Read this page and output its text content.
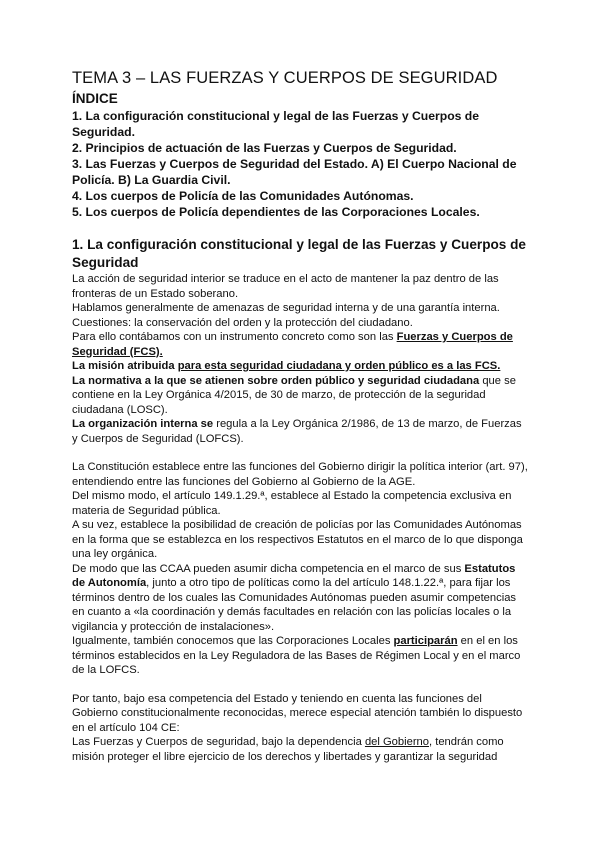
TEMA 3 – LAS FUERZAS Y CUERPOS DE SEGURIDAD
ÍNDICE
1. La configuración constitucional y legal de las Fuerzas y Cuerpos de Seguridad.
2. Principios de actuación de las Fuerzas y Cuerpos de Seguridad.
3. Las Fuerzas y Cuerpos de Seguridad del Estado. A) El Cuerpo Nacional de Policía. B) La Guardia Civil.
4. Los cuerpos de Policía de las Comunidades Autónomas.
5. Los cuerpos de Policía dependientes de las Corporaciones Locales.
1. La configuración constitucional y legal de las Fuerzas y Cuerpos de Seguridad

La acción de seguridad interior se traduce en el acto de mantener la paz dentro de las fronteras de un Estado soberano.

Hablamos generalmente de amenazas de seguridad interna y de una garantía interna. Cuestiones: la conservación del orden y la protección del ciudadano.

Para ello contábamos con un instrumento concreto como son las Fuerzas y Cuerpos de Seguridad (FCS).

La misión atribuida para esta seguridad ciudadana y orden público es a las FCS.

La normativa a la que se atienen sobre orden público y seguridad ciudadana que se contiene en la Ley Orgánica 4/2015, de 30 de marzo, de protección de la seguridad ciudadana (LOSC).

La organización interna se regula a la Ley Orgánica 2/1986, de 13 de marzo, de Fuerzas y Cuerpos de Seguridad (LOFCS).

La Constitución establece entre las funciones del Gobierno dirigir la política interior (art. 97), entendiendo entre las funciones del Gobierno al Gobierno de la AGE.

Del mismo modo, el artículo 149.1.29.ª, establece al Estado la competencia exclusiva en materia de Seguridad pública.

A su vez, establece la posibilidad de creación de policías por las Comunidades Autónomas en la forma que se establezca en los respectivos Estatutos en el marco de lo que disponga una ley orgánica.

De modo que las CCAA pueden asumir dicha competencia en el marco de sus Estatutos de Autonomía, junto a otro tipo de políticas como la del artículo 148.1.22.ª, para fijar los términos dentro de los cuales las Comunidades Autónomas pueden asumir competencias en cuanto a «la coordinación y demás facultades en relación con las policías locales o la vigilancia y protección de instalaciones».

Igualmente, también conocemos que las Corporaciones Locales participarán en el en los términos establecidos en la Ley Reguladora de las Bases de Régimen Local y en el marco de la LOFCS.

Por tanto, bajo esa competencia del Estado y teniendo en cuenta las funciones del Gobierno constitucionalmente reconocidas, merece especial atención también lo dispuesto en el artículo 104 CE:

Las Fuerzas y Cuerpos de seguridad, bajo la dependencia del Gobierno, tendrán como misión proteger el libre ejercicio de los derechos y libertades y garantizar la seguridad
